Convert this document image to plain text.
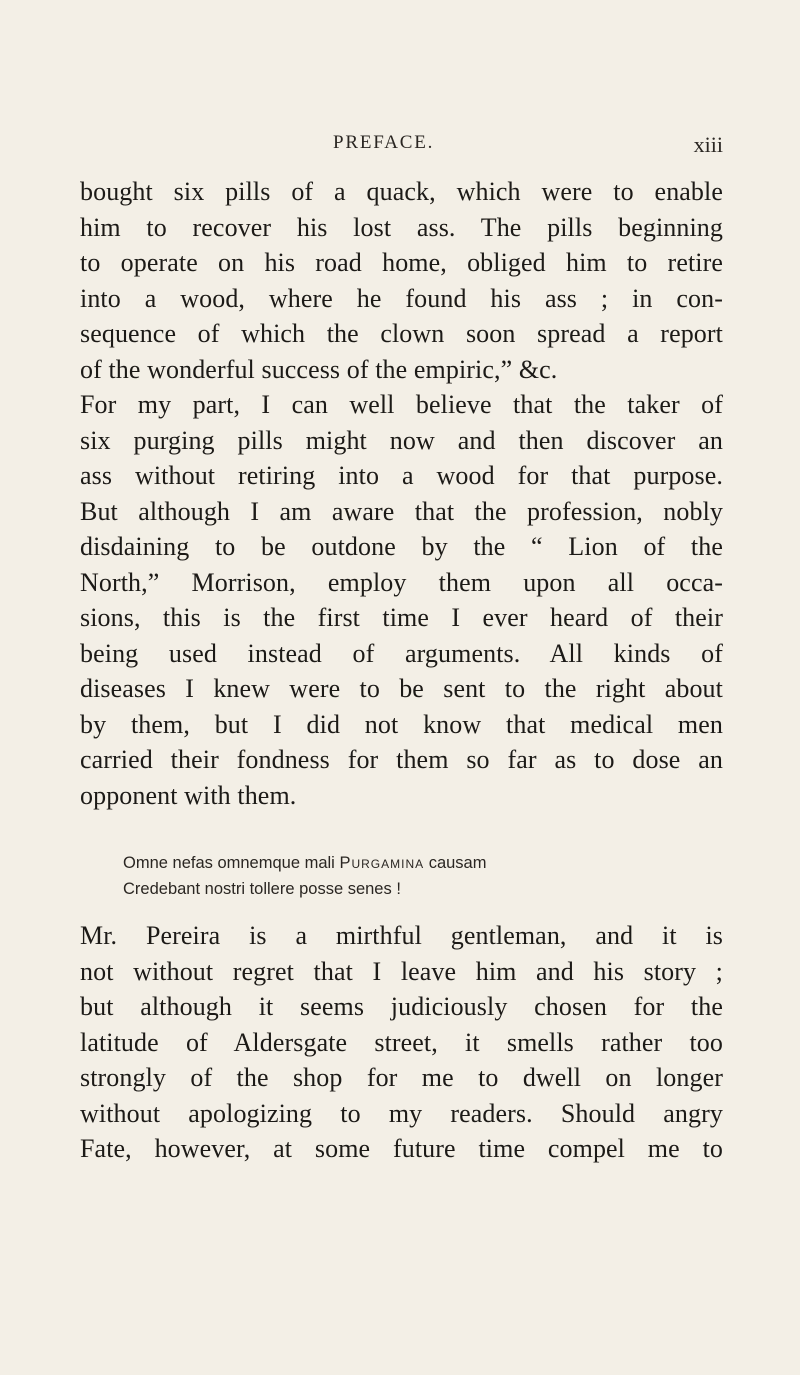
PREFACE.	xiii
bought six pills of a quack, which were to enable
him to recover his lost ass. The pills beginning
to operate on his road home, obliged him to retire
into a wood, where he found his ass ; in con-
sequence of which the clown soon spread a report
of the wonderful success of the empiric,” &c.
For my part, I can well believe that the taker of
six purging pills might now and then discover an
ass without retiring into a wood for that purpose.
But although I am aware that the profession, nobly
disdaining to be outdone by the “ Lion of the
North,” Morrison, employ them upon all occa-
sions, this is the first time I ever heard of their
being used instead of arguments. All kinds of
diseases I knew were to be sent to the right about
by them, but I did not know that medical men
carried their fondness for them so far as to dose an
opponent with them.
Omne nefas omnemque mali Purgamina causam
Credebant nostri tollere posse senes !
Mr. Pereira is a mirthful gentleman, and it is
not without regret that I leave him and his story ;
but although it seems judiciously chosen for the
latitude of Aldersgate street, it smells rather too
strongly of the shop for me to dwell on longer
without apologizing to my readers. Should angry
Fate, however, at some future time compel me to
